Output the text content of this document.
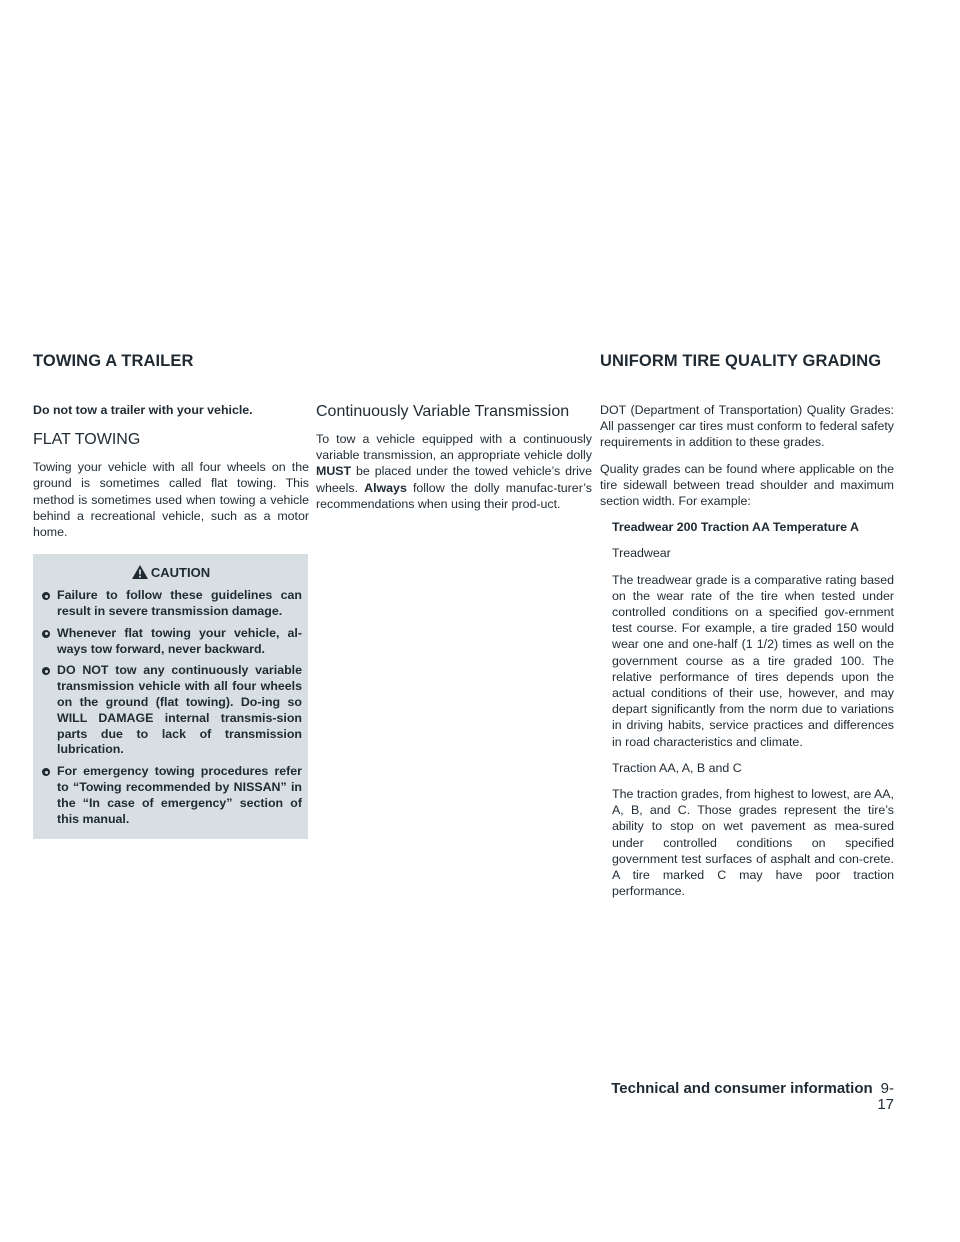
TOWING A TRAILER	UNIFORM TIRE QUALITY GRADING

Do not tow a trailer with your vehicle.

FLAT TOWING

Towing your vehicle with all four wheels on the ground is sometimes called flat towing. This method is sometimes used when towing a vehicle behind a recreational vehicle, such as a motor home.

CAUTION
Failure to follow these guidelines can result in severe transmission damage.
Whenever flat towing your vehicle, al-ways tow forward, never backward.
DO NOT tow any continuously variable transmission vehicle with all four wheels on the ground (flat towing). Do-ing so WILL DAMAGE internal transmis-sion parts due to lack of transmission lubrication.
For emergency towing procedures refer to “Towing recommended by NISSAN” in the “In case of emergency” section of this manual.
Continuously Variable Transmission

To tow a vehicle equipped with a continuously variable transmission, an appropriate vehicle dolly MUST be placed under the towed vehicle’s drive wheels. Always follow the dolly manufac-turer’s recommendations when using their prod-uct.

DOT (Department of Transportation) Quality Grades: All passenger car tires must conform to federal safety requirements in addition to these grades.

Quality grades can be found where applicable on the tire sidewall between tread shoulder and maximum section width. For example:

Treadwear 200 Traction AA Temperature A

Treadwear

The treadwear grade is a comparative rating based on the wear rate of the tire when tested under controlled conditions on a specified gov-ernment test course. For example, a tire graded 150 would wear one and one-half (1 1/2) times as well on the government course as a tire graded 100. The relative performance of tires depends upon the actual conditions of their use, however, and may depart significantly from the norm due to variations in driving habits, service practices and differences in road characteristics and climate.

Traction AA, A, B and C

The traction grades, from highest to lowest, are AA, A, B, and C. Those grades represent the tire’s ability to stop on wet pavement as mea-sured under controlled conditions on specified government test surfaces of asphalt and con-crete. A tire marked C may have poor traction performance.

Technical and consumer information 9-17
